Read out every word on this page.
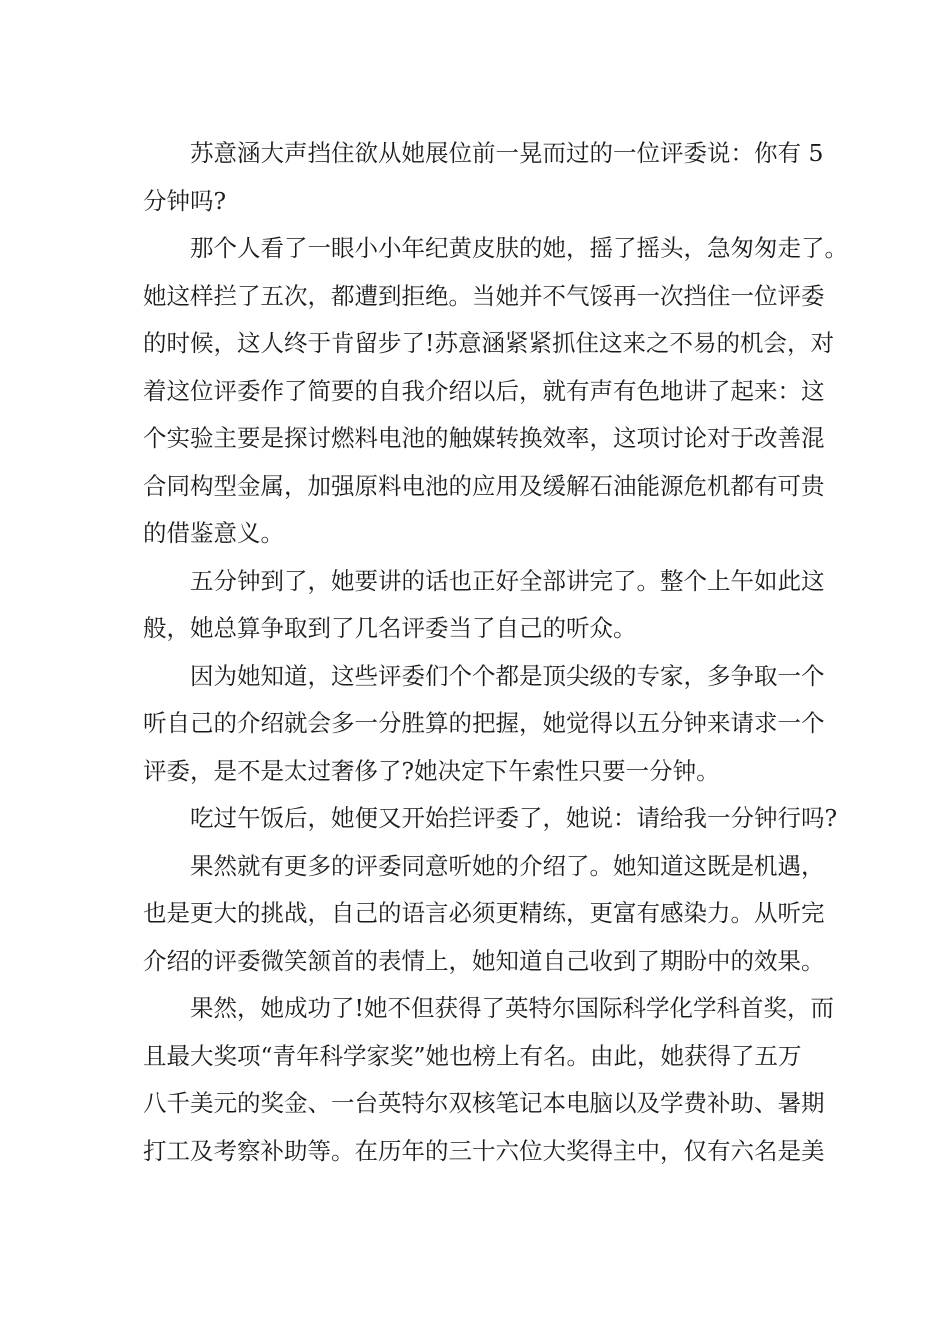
苏意涵大声挡住欲从她展位前一晃而过的一位评委说：你有 5
分钟吗?
那个人看了一眼小小年纪黄皮肤的她，摇了摇头，急匆匆走了。
她这样拦了五次，都遭到拒绝。当她并不气馁再一次挡住一位评委
的时候，这人终于肯留步了!苏意涵紧紧抓住这来之不易的机会，对
着这位评委作了简要的自我介绍以后，就有声有色地讲了起来：这
个实验主要是探讨燃料电池的触媒转换效率，这项讨论对于改善混
合同构型金属，加强原料电池的应用及缓解石油能源危机都有可贵
的借鉴意义。
五分钟到了，她要讲的话也正好全部讲完了。整个上午如此这
般，她总算争取到了几名评委当了自己的听众。
因为她知道，这些评委们个个都是顶尖级的专家，多争取一个
听自己的介绍就会多一分胜算的把握，她觉得以五分钟来请求一个
评委，是不是太过奢侈了?她决定下午索性只要一分钟。
吃过午饭后，她便又开始拦评委了，她说：请给我一分钟行吗?
果然就有更多的评委同意听她的介绍了。她知道这既是机遇，
也是更大的挑战，自己的语言必须更精练，更富有感染力。从听完
介绍的评委微笑颔首的表情上，她知道自己收到了期盼中的效果。
果然，她成功了!她不但获得了英特尔国际科学化学科首奖，而
且最大奖项“青年科学家奖”她也榜上有名。由此，她获得了五万
八千美元的奖金、一台英特尔双核笔记本电脑以及学费补助、暑期
打工及考察补助等。在历年的三十六位大奖得主中，仅有六名是美
